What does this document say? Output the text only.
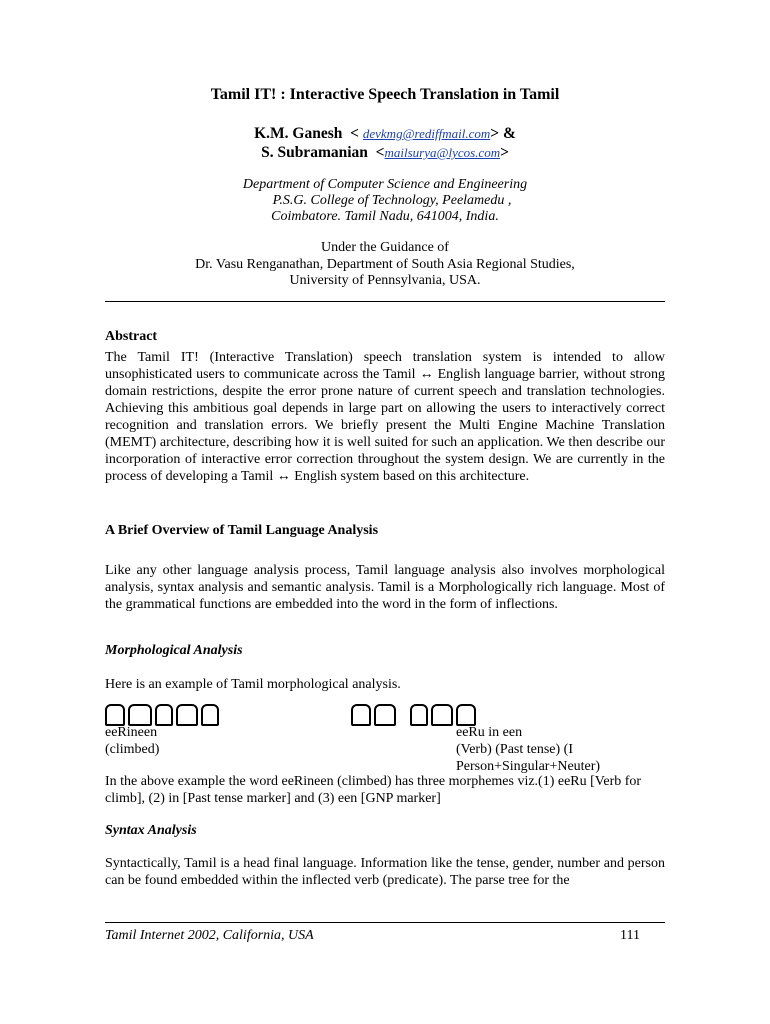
Tamil IT! : Interactive Speech Translation in Tamil
K.M. Ganesh  < devkmg@rediffmail.com> &
S. Subramanian  <mailsurya@lycos.com>
Department of Computer Science and Engineering
P.S.G. College of Technology, Peelamedu ,
Coimbatore. Tamil Nadu, 641004, India.
Under the Guidance of
Dr. Vasu Renganathan, Department of South Asia Regional Studies,
University of Pennsylvania, USA.
Abstract
The Tamil IT! (Interactive Translation) speech translation system is intended to allow unsophisticated users to communicate across the Tamil ↔ English language barrier, without strong domain restrictions, despite the error prone nature of current speech and translation technologies. Achieving this ambitious goal depends in large part on allowing the users to interactively correct recognition and translation errors. We briefly present the Multi Engine Machine Translation (MEMT) architecture, describing how it is well suited for such an application. We then describe our incorporation of interactive error correction throughout the system design. We are currently in the process of developing a Tamil ↔ English system based on this architecture.
A Brief Overview of Tamil Language Analysis
Like any other language analysis process, Tamil language analysis also involves morphological analysis, syntax analysis and semantic analysis. Tamil is a Morphologically rich language. Most of the grammatical functions are embedded into the word in the form of inflections.
Morphological Analysis
Here is an example of Tamil morphological analysis.
eeRineen
(climbed)
eeRu in een
(Verb) (Past tense) (I Person+Singular+Neuter)
In the above example the word eeRineen (climbed) has three morphemes viz.(1) eeRu [Verb for climb], (2) in [Past tense marker] and (3) een [GNP marker]
Syntax Analysis
Syntactically, Tamil is a head final language. Information like the tense, gender, number and person can be found embedded within the inflected verb (predicate). The parse tree for the
Tamil Internet 2002, California, USA	111
